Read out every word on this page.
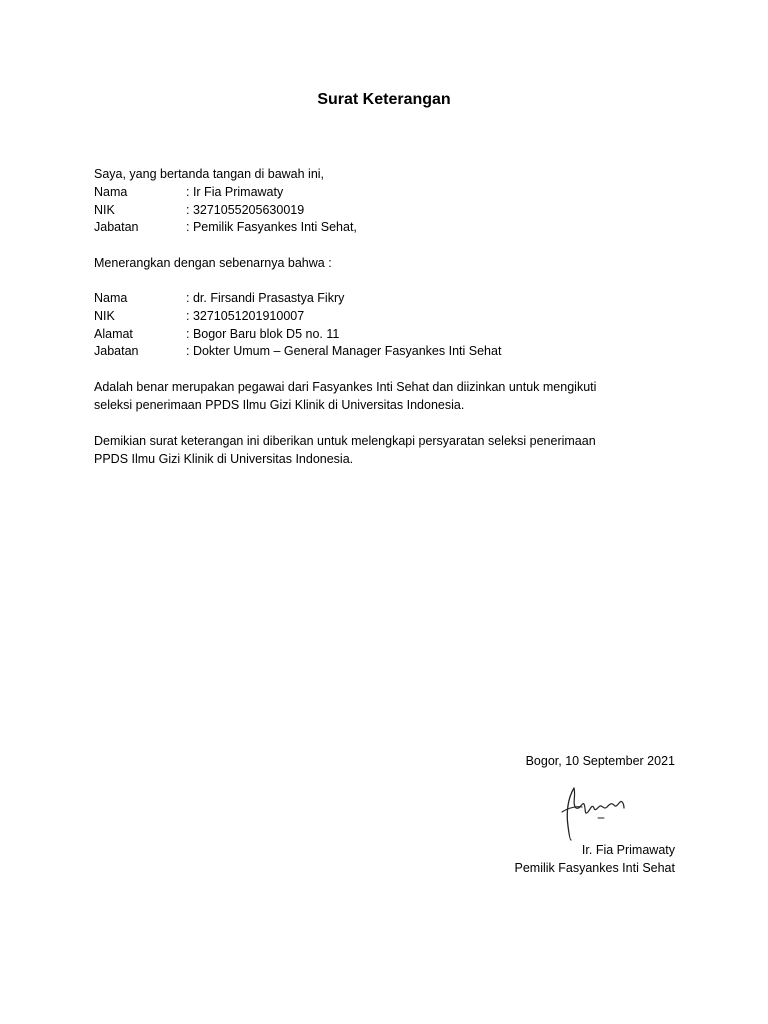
Surat Keterangan
Saya, yang bertanda tangan di bawah ini,
Nama	: Ir Fia Primawaty
NIK	: 3271055205630019
Jabatan	: Pemilik Fasyankes Inti Sehat,
Menerangkan dengan sebenarnya bahwa :
Nama	: dr. Firsandi Prasastya Fikry
NIK	: 3271051201910007
Alamat	: Bogor Baru blok D5 no. 11
Jabatan	: Dokter Umum – General Manager Fasyankes Inti Sehat
Adalah benar merupakan pegawai dari Fasyankes Inti Sehat dan diizinkan untuk mengikuti
seleksi penerimaan PPDS Ilmu Gizi Klinik di Universitas Indonesia.
Demikian surat keterangan ini diberikan untuk melengkapi persyaratan seleksi penerimaan
PPDS Ilmu Gizi Klinik di Universitas Indonesia.
Bogor, 10 September 2021
Ir. Fia Primawaty
Pemilik Fasyankes Inti Sehat
